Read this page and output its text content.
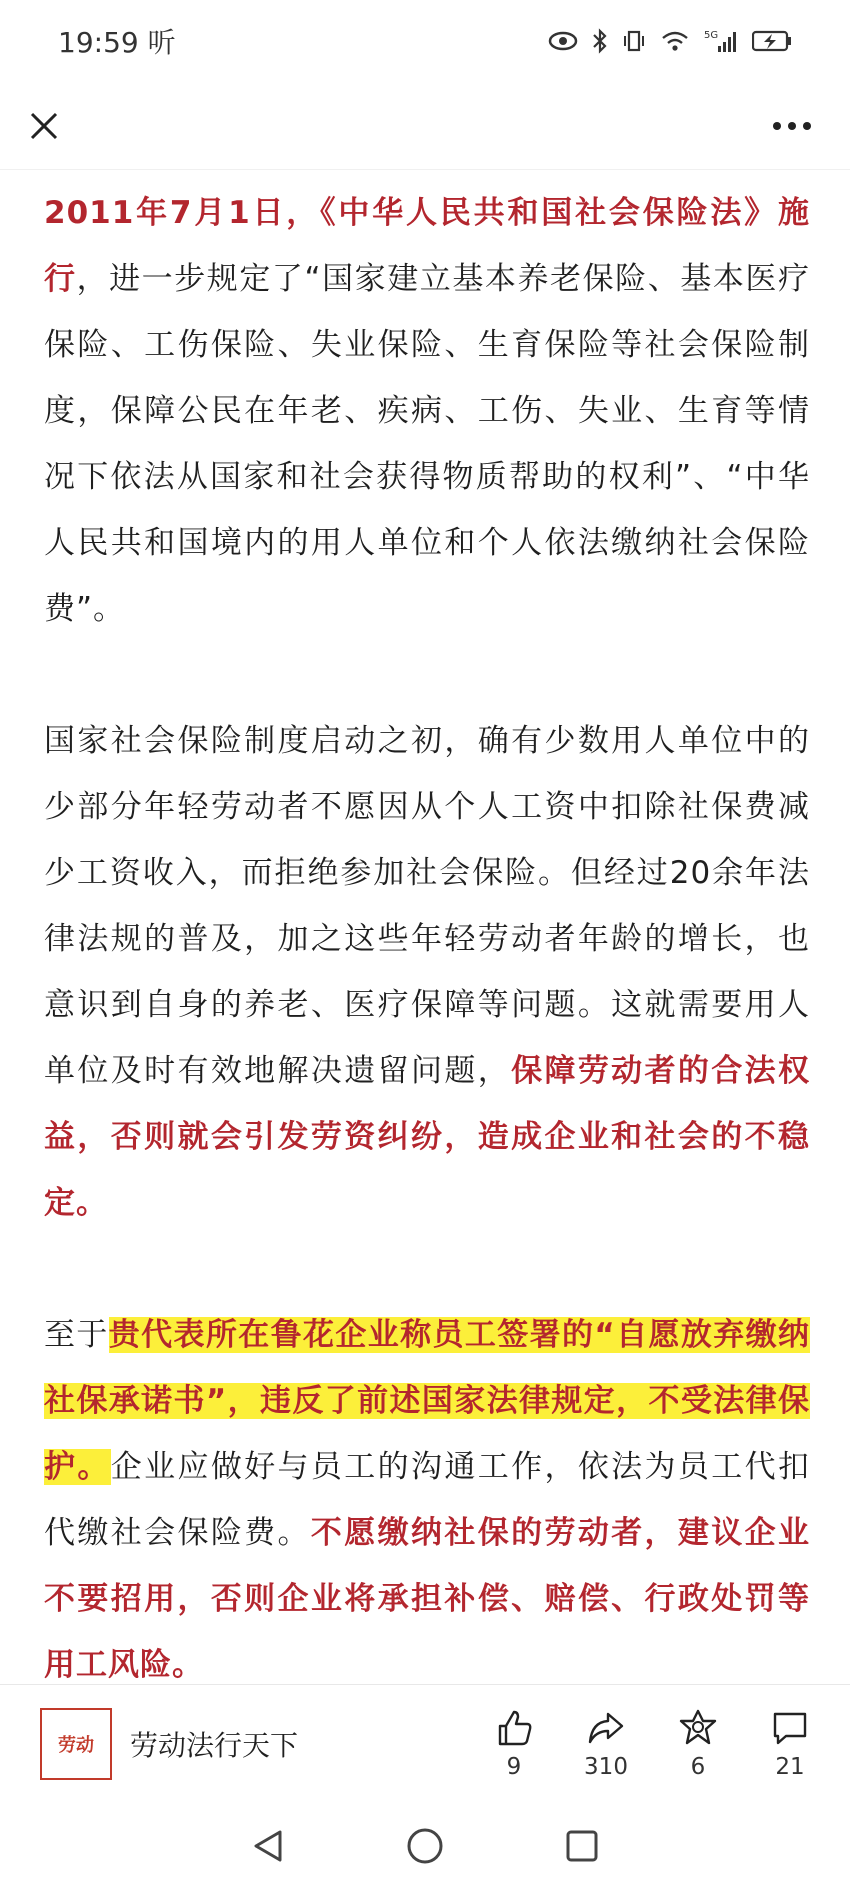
19:59 听	5G

2011年7月1日，《中华人民共和国社会保险法》施行，进一步规定了“国家建立基本养老保险、基本医疗保险、工伤保险、失业保险、生育保险等社会保险制度，保障公民在年老、疾病、工伤、失业、生育等情况下依法从国家和社会获得物质帮助的权利”、“中华人民共和国境内的用人单位和个人依法缴纳社会保险费”。

国家社会保险制度启动之初，确有少数用人单位中的少部分年轻劳动者不愿因从个人工资中扣除社保费减少工资收入，而拒绝参加社会保险。但经过20余年法律法规的普及，加之这些年轻劳动者年龄的增长，也意识到自身的养老、医疗保障等问题。这就需要用人单位及时有效地解决遗留问题，保障劳动者的合法权益，否则就会引发劳资纠纷，造成企业和社会的不稳定。

至于贵代表所在鲁花企业称员工签署的“自愿放弃缴纳社保承诺书”，违反了前述国家法律规定，不受法律保护。企业应做好与员工的沟通工作，依法为员工代扣代缴社会保险费。不愿缴纳社保的劳动者，建议企业不要招用，否则企业将承担补偿、赔偿、行政处罚等用工风险。

劳动 劳动法行天下
9	310	6	21
